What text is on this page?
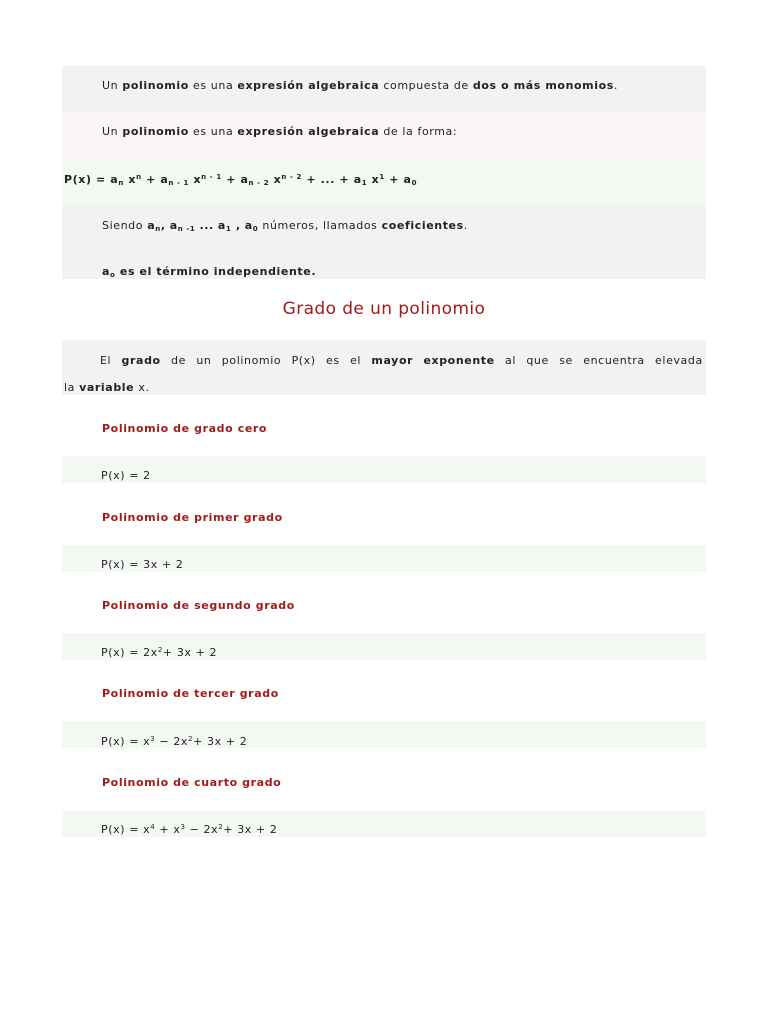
Un polinomio es una expresión algebraica compuesta de dos o más monomios.
Un polinomio es una expresión algebraica de la forma:
$P(x) = a_n$ $x^n + a_{n - 1}$ $x^{n - 1} + a_{n - 2}$ $x^{n - 2}$ + ... + $a_1$ $x^1 + a_0$
Siendo $a_n$, $a_{n -1}$ ... $a_1$ , $a_0$ números, llamados coeficientes.
$a_o$ es el término independiente.
Grado de un polinomio
El grado de un polinomio P(x) es el mayor exponente al que se encuentra elevada
la variable x.
Polinomio de grado cero
P(x) = 2
Polinomio de primer grado
P(x) = 3x + 2
Polinomio de segundo grado
$P(x) = 2x^2+ 3x + 2$
Polinomio de tercer grado
$P(x) = x^3 - 2x^2+ 3x + 2$
Polinomio de cuarto grado
$P(x) = x^4 + x^3 - 2x^2+ 3x + 2$
